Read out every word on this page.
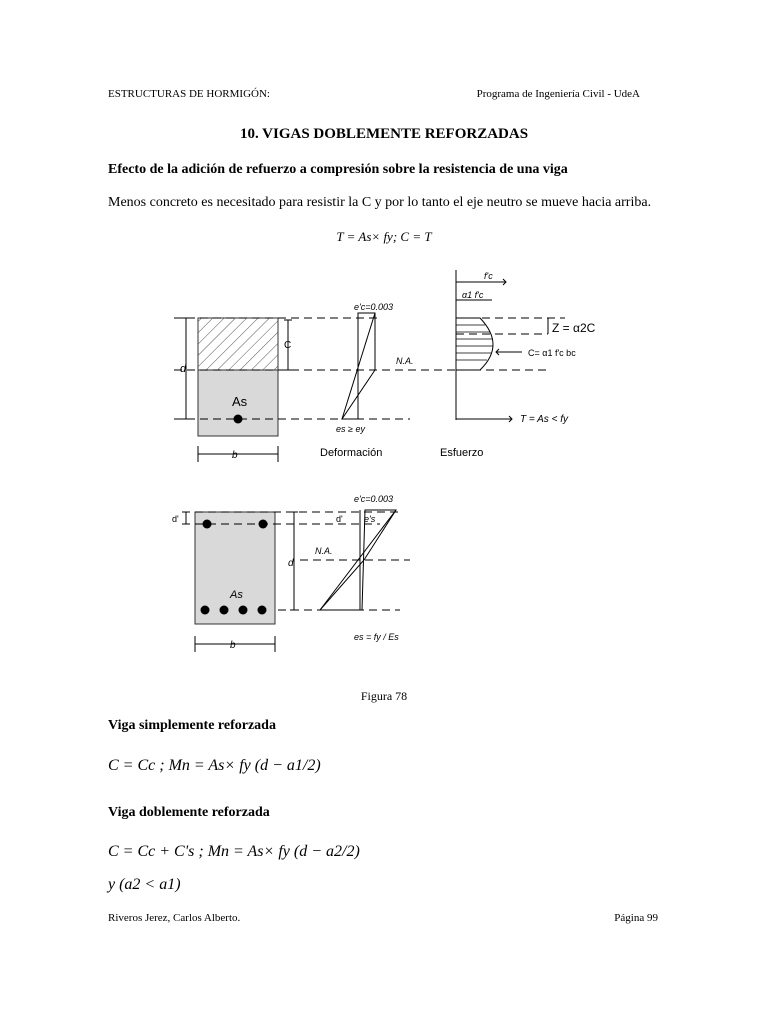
ESTRUCTURAS DE HORMIGÓN:	Programa de Ingeniería Civil - UdeA
10. VIGAS DOBLEMENTE REFORZADAS
Efecto de la adición de refuerzo a compresión sobre la resistencia de una viga
Menos concreto es necesitado para resistir la C y por lo tanto el eje neutro se mueve hacia arriba.
T = As× fy; C = T
As
d
C
b
e'c=0.003
N.A.
es ≥ ey
Deformación
f'c
α1 f'c
C= α1 f'c bc
Z = α2C
T = As < fy
Esfuerzo
As
d'
d
e'c=0.003
d' e's
N.A.
es = fy / Es
b
Figura 78
Viga simplemente reforzada
C = Cc ; Mn = As× fy (d − a1/2)
Viga doblemente reforzada
C = Cc + C's ; Mn = As× fy (d − a2/2)
y (a2 < a1)
Riveros Jerez, Carlos Alberto.	Página 99
